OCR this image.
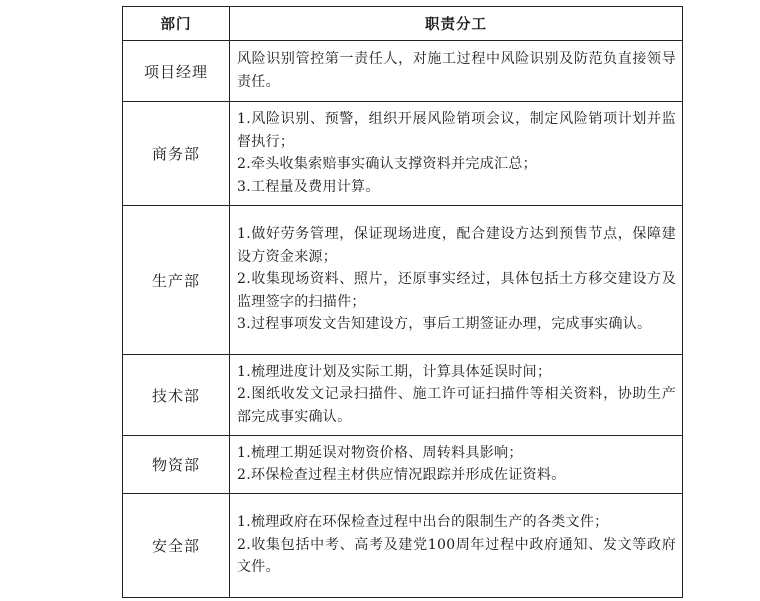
部门	职责分工
项目经理	风险识别管控第一责任人，对施工过程中风险识别及防范负直接领导责任。

商务部	1.风险识别、预警，组织开展风险销项会议，制定风险销项计划并监督执行；
2.牵头收集索赔事实确认支撑资料并完成汇总；
3.工程量及费用计算。

生产部	1.做好劳务管理，保证现场进度，配合建设方达到预售节点，保障建设方资金来源；
2.收集现场资料、照片，还原事实经过，具体包括土方移交建设方及监理签字的扫描件；
3.过程事项发文告知建设方，事后工期签证办理，完成事实确认。

技术部	1.梳理进度计划及实际工期，计算具体延误时间；
2.图纸收发文记录扫描件、施工许可证扫描件等相关资料，协助生产部完成事实确认。

物资部	1.梳理工期延误对物资价格、周转料具影响；
2.环保检查过程主材供应情况跟踪并形成佐证资料。

安全部	1.梳理政府在环保检查过程中出台的限制生产的各类文件；
2.收集包括中考、高考及建党100周年过程中政府通知、发文等政府文件。
